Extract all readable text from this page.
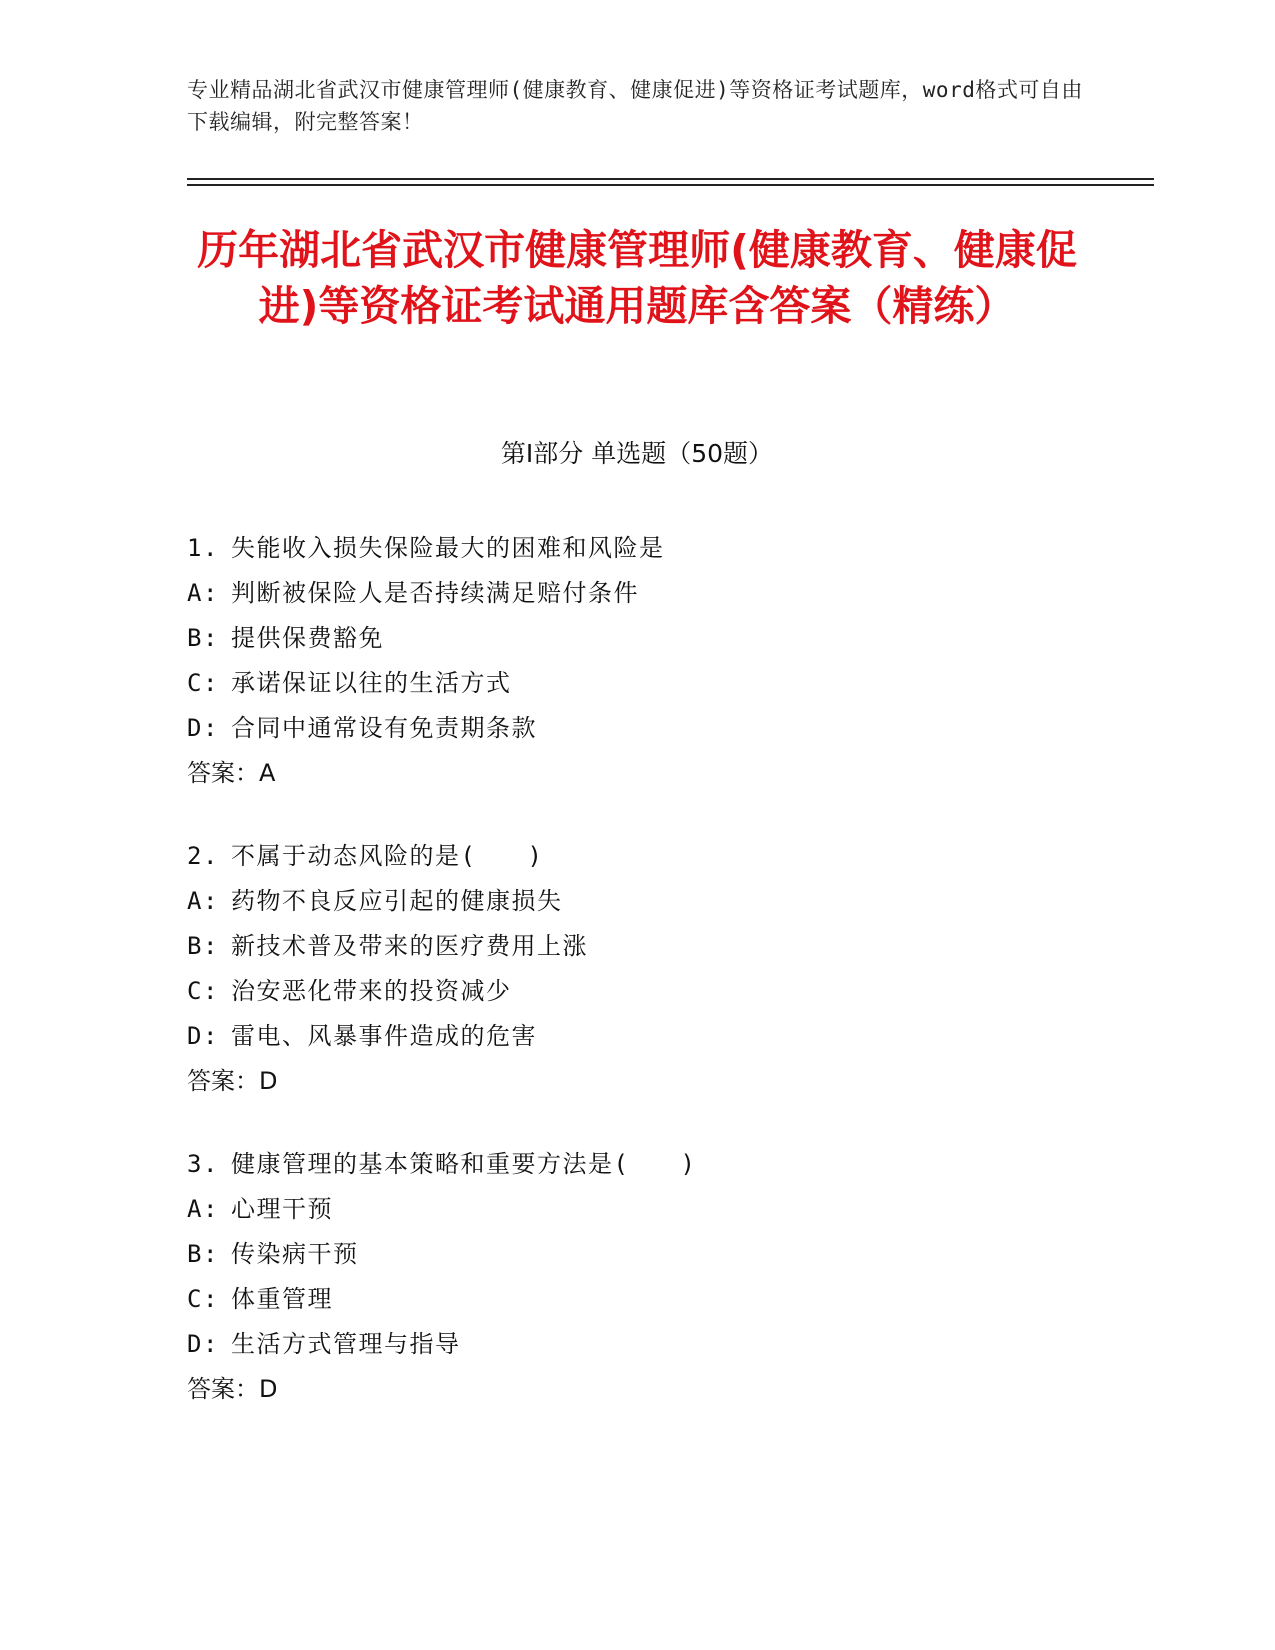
专业精品湖北省武汉市健康管理师(健康教育、健康促进)等资格证考试题库，word格式可自由下载编辑，附完整答案！
历年湖北省武汉市健康管理师(健康教育、健康促进)等资格证考试通用题库含答案（精练）
第Ⅰ部分 单选题（50题）
1. 失能收入损失保险最大的困难和风险是
A: 判断被保险人是否持续满足赔付条件
B: 提供保费豁免
C: 承诺保证以往的生活方式
D: 合同中通常设有免责期条款
答案：A
2. 不属于动态风险的是(　　)
A: 药物不良反应引起的健康损失
B: 新技术普及带来的医疗费用上涨
C: 治安恶化带来的投资减少
D: 雷电、风暴事件造成的危害
答案：D
3. 健康管理的基本策略和重要方法是(　　)
A: 心理干预
B: 传染病干预
C: 体重管理
D: 生活方式管理与指导
答案：D
